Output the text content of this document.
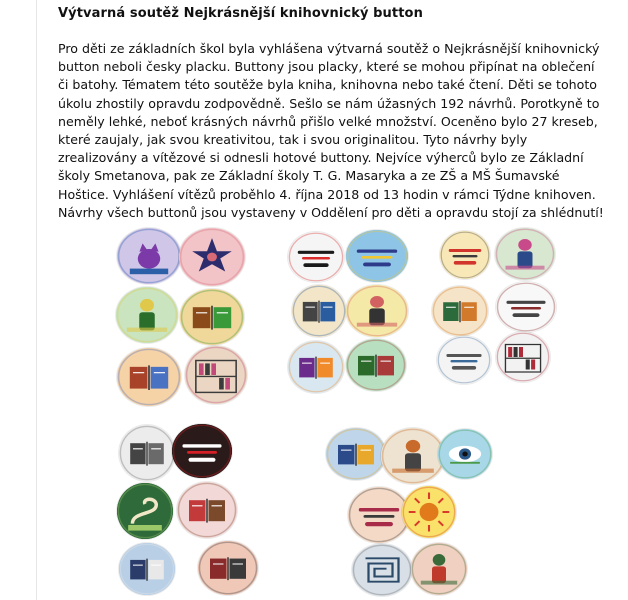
Výtvarná soutěž Nejkrásnější knihovnický button
Pro děti ze základních škol byla vyhlášena výtvarná soutěž o Nejkrásnější knihovnický
button neboli česky placku. Buttony jsou placky, které se mohou připínat na oblečení
či batohy. Tématem této soutěže byla kniha, knihovna nebo také čtení. Děti se tohoto
úkolu zhostily opravdu zodpovědně. Sešlo se nám úžasných 192 návrhů. Porotkyně to
neměly lehké, neboť krásných návrhů přišlo velké množství. Oceněno bylo 27 kreseb,
které zaujaly, jak svou kreativitou, tak i svou originalitou. Tyto návrhy byly
zrealizovány a vítězové si odnesli hotové buttony. Nejvíce výherců bylo ze Základní
školy Smetanova, pak ze Základní školy T. G. Masaryka a ze ZŠ a MŠ Šumavské
Hoštice. Vyhlášení vítězů proběhlo 4. října 2018 od 13 hodin v rámci Týdne knihoven.
Návrhy všech buttonů jsou vystaveny v Oddělení pro děti a opravdu stojí za shlédnutí!
